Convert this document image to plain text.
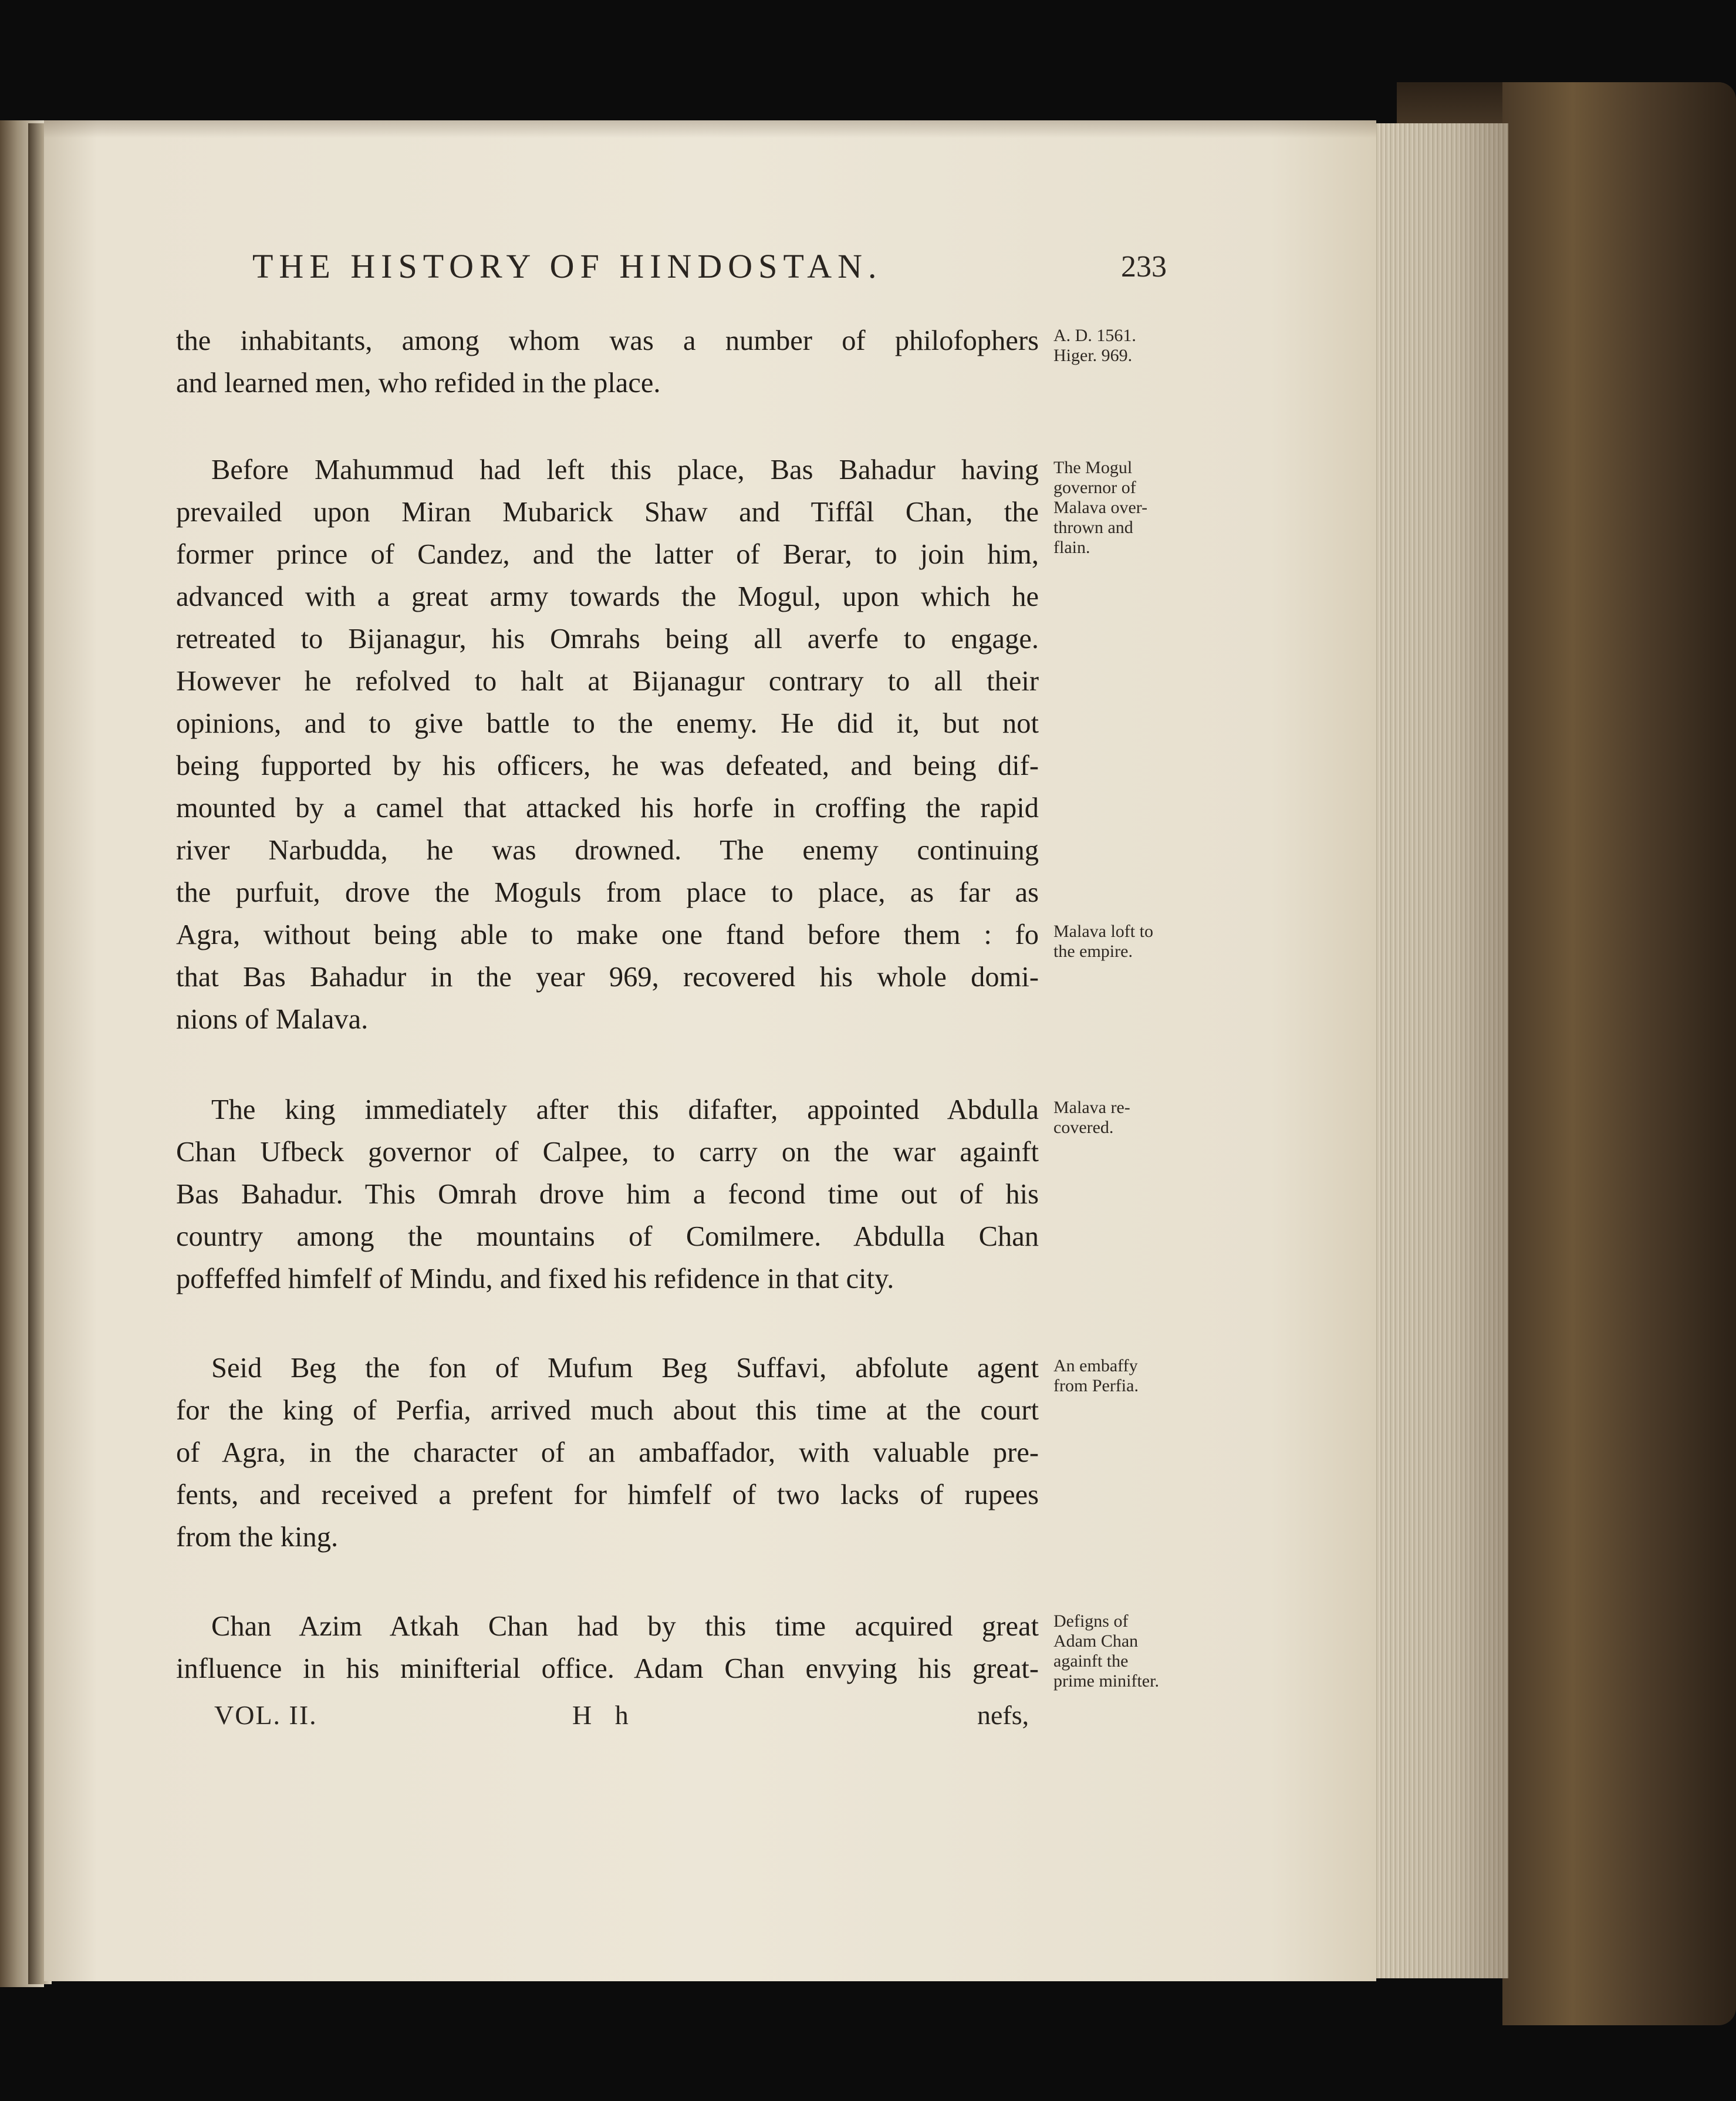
THE HISTORY OF HINDOSTAN.	233

the inhabitants, among whom was a number of philofophers
and learned men, who refided in the place.

Before Mahummud had left this place, Bas Bahadur having
prevailed upon Miran Mubarick Shaw and Tiffâl Chan, the
former prince of Candez, and the latter of Berar, to join him,
advanced with a great army towards the Mogul, upon which he
retreated to Bijanagur, his Omrahs being all averfe to engage.
However he refolved to halt at Bijanagur contrary to all their
opinions, and to give battle to the enemy. He did it, but not
being fupported by his officers, he was defeated, and being dif-
mounted by a camel that attacked his horfe in croffing the rapid
river Narbudda, he was drowned. The enemy continuing
the purfuit, drove the Moguls from place to place, as far as
Agra, without being able to make one ftand before them : fo
that Bas Bahadur in the year 969, recovered his whole domi-
nions of Malava.

The king immediately after this difafter, appointed Abdulla
Chan Ufbeck governor of Calpee, to carry on the war againft
Bas Bahadur. This Omrah drove him a fecond time out of his
country among the mountains of Comilmere. Abdulla Chan
poffeffed himfelf of Mindu, and fixed his refidence in that city.

Seid Beg the fon of Mufum Beg Suffavi, abfolute agent
for the king of Perfia, arrived much about this time at the court
of Agra, in the character of an ambaffador, with valuable pre-
fents, and received a prefent for himfelf of two lacks of rupees
from the king.

Chan Azim Atkah Chan had by this time acquired great
influence in his minifterial office. Adam Chan envying his great-

A. D. 1561.
Higer. 969.
The Mogul
governor of
Malava over-
thrown and
flain.
Malava loft to
the empire.
Malava re-
covered.
An embaffy
from Perfia.
Defigns of
Adam Chan
againft the
prime minifter.
VOL. II.	H h	nefs,
